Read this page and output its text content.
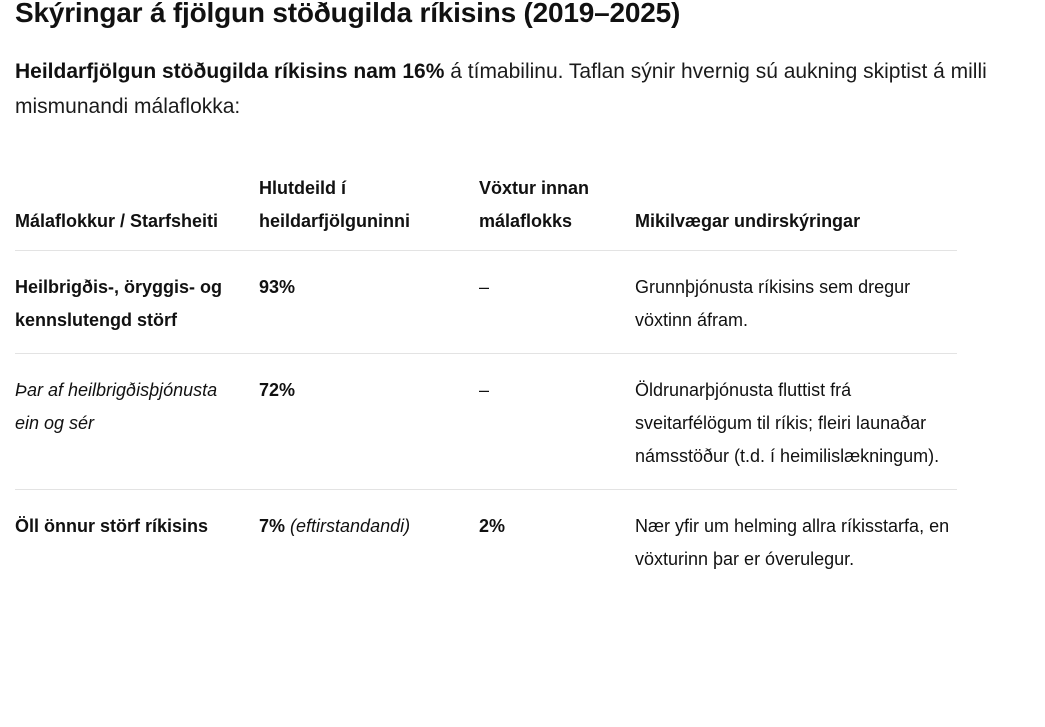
Skýringar á fjölgun stöðugilda ríkisins (2019–2025)

Heildarfjölgun stöðugilda ríkisins nam 16% á tímabilinu. Taflan sýnir hvernig sú aukning skiptist á milli mismunandi málaflokka:

Málaflokkur / Starfsheiti	Hlutdeild í heildarfjölguninni	Vöxtur innan málaflokks	Mikilvægar undirskýringar

Heilbrigðis-, öryggis- og kennslutengd störf	93%	–	Grunnþjónusta ríkisins sem dregur vöxtinn áfram.

Þar af heilbrigðisþjónusta ein og sér	72%	–	Öldrunarþjónusta fluttist frá sveitarfélögum til ríkis; fleiri launaðar námsstöður (t.d. í heimilislækningum).

Öll önnur störf ríkisins	7% (eftirstandandi)	2%	Nær yfir um helming allra ríkisstarfa, en vöxturinn þar er óverulegur.
